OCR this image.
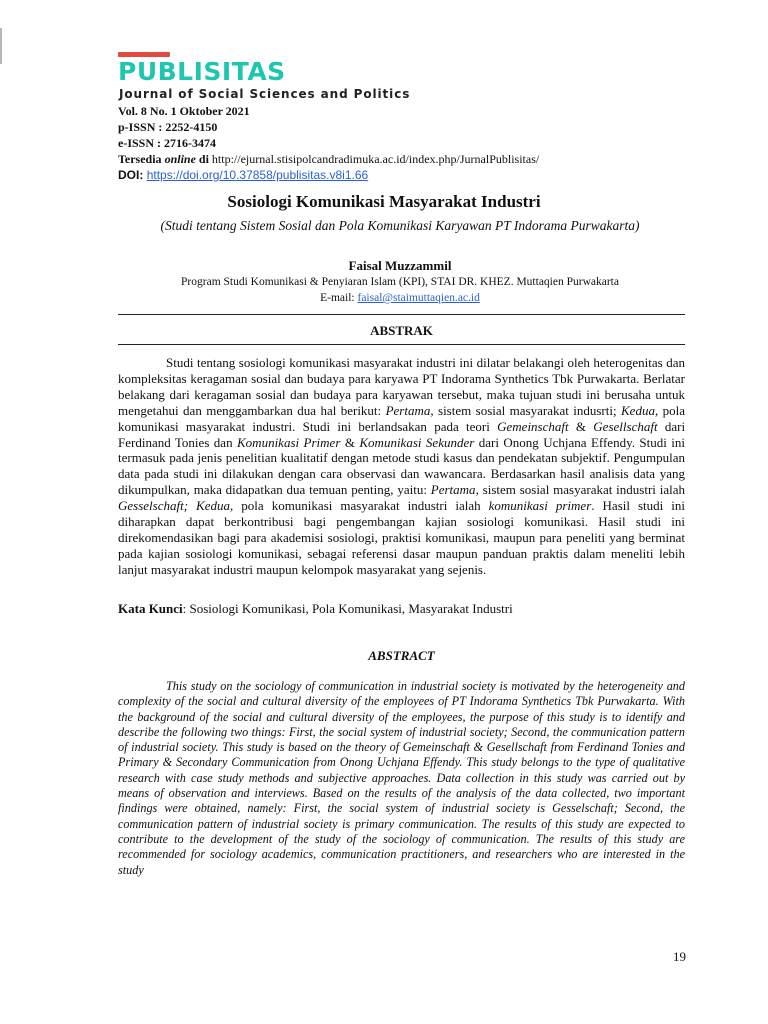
PUBLISITAS
Journal of Social Sciences and Politics
Vol. 8 No. 1 Oktober 2021
p-ISSN : 2252-4150
e-ISSN : 2716-3474
Tersedia online di http://ejurnal.stisipolcandradimuka.ac.id/index.php/JurnalPublisitas/
DOI: https://doi.org/10.37858/publisitas.v8i1.66
Sosiologi Komunikasi Masyarakat Industri
(Studi tentang Sistem Sosial dan Pola Komunikasi Karyawan PT Indorama Purwakarta)
Faisal Muzzammil
Program Studi Komunikasi & Penyiaran Islam (KPI), STAI DR. KHEZ. Muttaqien Purwakarta
E-mail: faisal@staimuttaqien.ac.id
ABSTRAK
Studi tentang sosiologi komunikasi masyarakat industri ini dilatar belakangi oleh heterogenitas dan kompleksitas keragaman sosial dan budaya para karyawa PT Indorama Synthetics Tbk Purwakarta. Berlatar belakang dari keragaman sosial dan budaya para karyawan tersebut, maka tujuan studi ini berusaha untuk mengetahui dan menggambarkan dua hal berikut: Pertama, sistem sosial masyarakat indusrti; Kedua, pola komunikasi masyarakat industri. Studi ini berlandsakan pada teori Gemeinschaft & Gesellschaft dari Ferdinand Tonies dan Komunikasi Primer & Komunikasi Sekunder dari Onong Uchjana Effendy. Studi ini termasuk pada jenis penelitian kualitatif dengan metode studi kasus dan pendekatan subjektif. Pengumpulan data pada studi ini dilakukan dengan cara observasi dan wawancara. Berdasarkan hasil analisis data yang dikumpulkan, maka didapatkan dua temuan penting, yaitu: Pertama, sistem sosial masyarakat industri ialah Gesselschaft; Kedua, pola komunikasi masyarakat industri ialah komunikasi primer. Hasil studi ini diharapkan dapat berkontribusi bagi pengembangan kajian sosiologi komunikasi. Hasil studi ini direkomendasikan bagi para akademisi sosiologi, praktisi komunikasi, maupun para peneliti yang berminat pada kajian sosiologi komunikasi, sebagai referensi dasar maupun panduan praktis dalam meneliti lebih lanjut masyarakat industri maupun kelompok masyarakat yang sejenis.
Kata Kunci: Sosiologi Komunikasi, Pola Komunikasi, Masyarakat Industri
ABSTRACT
This study on the sociology of communication in industrial society is motivated by the heterogeneity and complexity of the social and cultural diversity of the employees of PT Indorama Synthetics Tbk Purwakarta. With the background of the social and cultural diversity of the employees, the purpose of this study is to identify and describe the following two things: First, the social system of industrial society; Second, the communication pattern of industrial society. This study is based on the theory of Gemeinschaft & Gesellschaft from Ferdinand Tonies and Primary & Secondary Communication from Onong Uchjana Effendy. This study belongs to the type of qualitative research with case study methods and subjective approaches. Data collection in this study was carried out by means of observation and interviews. Based on the results of the analysis of the data collected, two important findings were obtained, namely: First, the social system of industrial society is Gesselschaft; Second, the communication pattern of industrial society is primary communication. The results of this study are expected to contribute to the development of the study of the sociology of communication. The results of this study are recommended for sociology academics, communication practitioners, and researchers who are interested in the study
19
